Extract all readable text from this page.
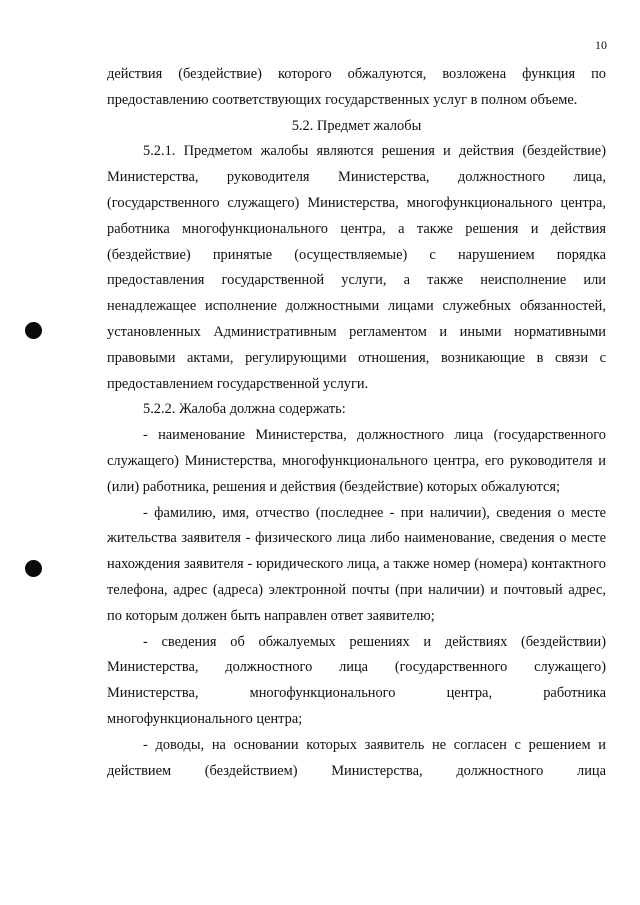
10

действия (бездействие) которого обжалуются, возложена функция по предоставлению соответствующих государственных услуг в полном объеме.

5.2. Предмет жалобы

5.2.1. Предметом жалобы являются решения и действия (бездействие) Министерства, руководителя Министерства, должностного лица, (государственного служащего) Министерства, многофункционального центра, работника многофункционального центра, а также решения и действия (бездействие) принятые (осуществляемые) с нарушением порядка предоставления государственной услуги, а также неисполнение или ненадлежащее исполнение должностными лицами служебных обязанностей, установленных Административным регламентом и иными нормативными правовыми актами, регулирующими отношения, возникающие в связи с предоставлением государственной услуги.

5.2.2. Жалоба должна содержать:

- наименование Министерства, должностного лица (государственного служащего) Министерства, многофункционального центра, его руководителя и (или) работника, решения и действия (бездействие) которых обжалуются;

- фамилию, имя, отчество (последнее - при наличии), сведения о месте жительства заявителя - физического лица либо наименование, сведения о месте нахождения заявителя - юридического лица, а также номер (номера) контактного телефона, адрес (адреса) электронной почты (при наличии) и почтовый адрес, по которым должен быть направлен ответ заявителю;

- сведения об обжалуемых решениях и действиях (бездействии) Министерства, должностного лица (государственного служащего) Министерства, многофункционального центра, работника многофункционального центра;

- доводы, на основании которых заявитель не согласен с решением и действием (бездействием) Министерства, должностного лица
